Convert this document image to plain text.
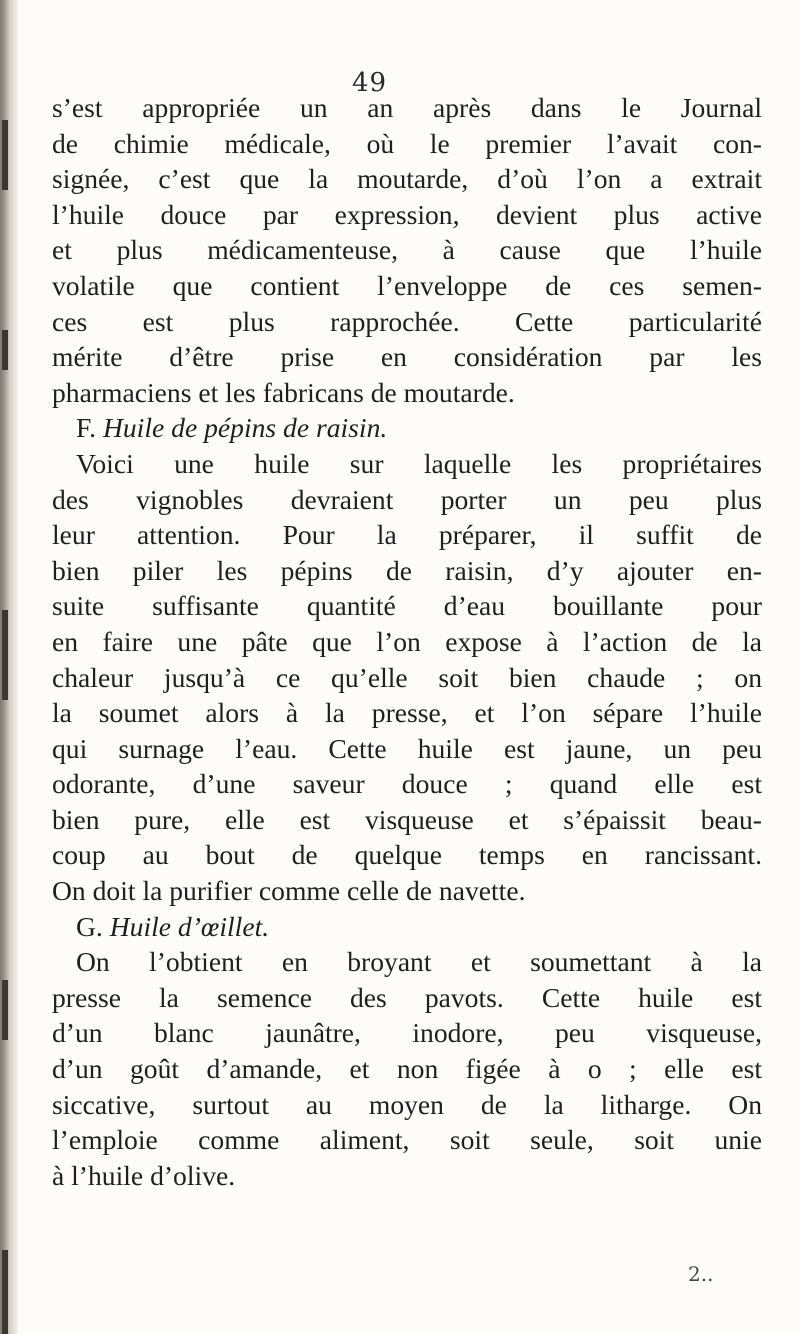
49
s’est appropriée un an après dans le Journal
de chimie médicale, où le premier l’avait con-
signée, c’est que la moutarde, d’où l’on a extrait
l’huile douce par expression, devient plus active
et plus médicamenteuse, à cause que l’huile
volatile que contient l’enveloppe de ces semen-
ces est plus rapprochée. Cette particularité
mérite d’être prise en considération par les
pharmaciens et les fabricans de moutarde.
F. Huile de pépins de raisin.
Voici une huile sur laquelle les propriétaires
des vignobles devraient porter un peu plus
leur attention. Pour la préparer, il suffit de
bien piler les pépins de raisin, d’y ajouter en-
suite suffisante quantité d’eau bouillante pour
en faire une pâte que l’on expose à l’action de la
chaleur jusqu’à ce qu’elle soit bien chaude ; on
la soumet alors à la presse, et l’on sépare l’huile
qui surnage l’eau. Cette huile est jaune, un peu
odorante, d’une saveur douce ; quand elle est
bien pure, elle est visqueuse et s’épaissit beau-
coup au bout de quelque temps en rancissant.
On doit la purifier comme celle de navette.
G. Huile d’œillet.
On l’obtient en broyant et soumettant à la
presse la semence des pavots. Cette huile est
d’un blanc jaunâtre, inodore, peu visqueuse,
d’un goût d’amande, et non figée à o ; elle est
siccative, surtout au moyen de la litharge. On
l’emploie comme aliment, soit seule, soit unie
à l’huile d’olive.
2..
